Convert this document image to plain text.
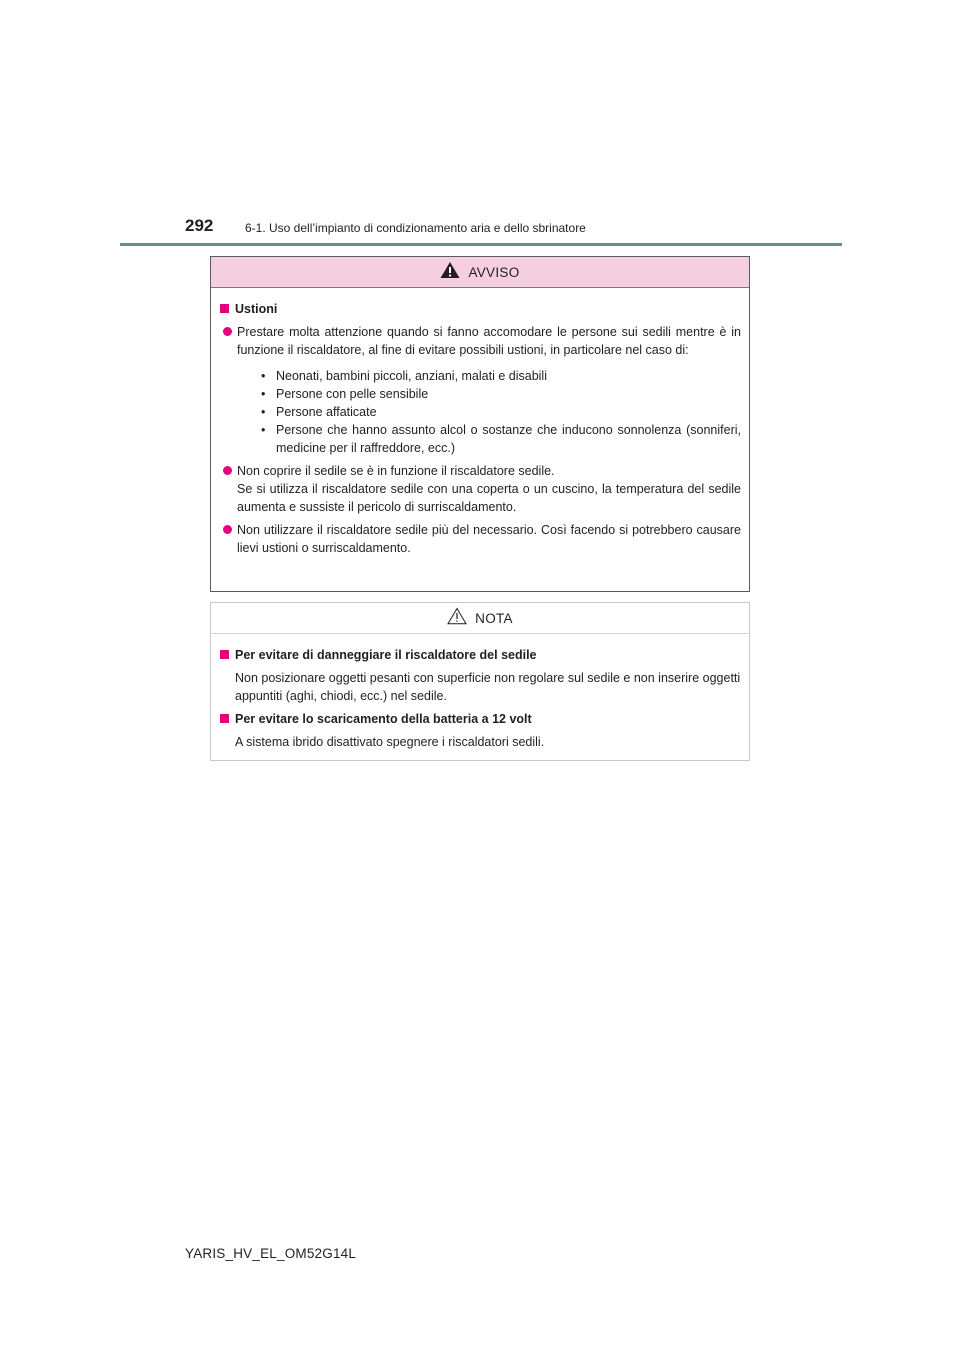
292	6-1. Uso dell’impianto di condizionamento aria e dello sbrinatore
AVVISO
Ustioni

Prestare molta attenzione quando si fanno accomodare le persone sui sedili mentre è in funzione il riscaldatore, al fine di evitare possibili ustioni, in particolare nel caso di:

• Neonati, bambini piccoli, anziani, malati e disabili
• Persone con pelle sensibile
• Persone affaticate
• Persone che hanno assunto alcol o sostanze che inducono sonnolenza (sonniferi, medicine per il raffreddore, ecc.)

Non coprire il sedile se è in funzione il riscaldatore sedile.

Se si utilizza il riscaldatore sedile con una coperta o un cuscino, la temperatura del sedile aumenta e sussiste il pericolo di surriscaldamento.

Non utilizzare il riscaldatore sedile più del necessario. Così facendo si potrebbero causare lievi ustioni o surriscaldamento.
NOTA
Per evitare di danneggiare il riscaldatore del sedile
Non posizionare oggetti pesanti con superficie non regolare sul sedile e non inserire oggetti appuntiti (aghi, chiodi, ecc.) nel sedile.
Per evitare lo scaricamento della batteria a 12 volt
A sistema ibrido disattivato spegnere i riscaldatori sedili.
YARIS_HV_EL_OM52G14L
